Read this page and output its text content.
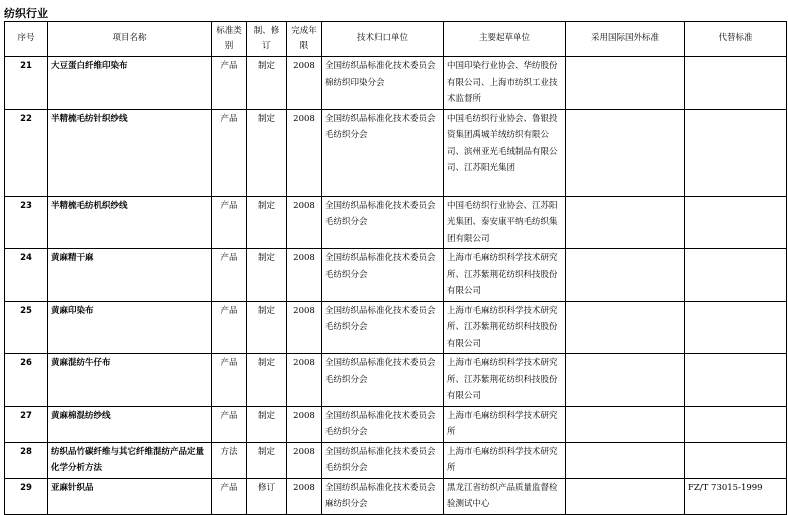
纺织行业
序号	项目名称	标准类别	制、修订	完成年限	技术归口单位	主要起草单位	采用国际国外标准	代替标准
21	大豆蛋白纤维印染布	产品	制定	2008	全国纺织品标准化技术委员会棉纺织印染分会	中国印染行业协会、华纺股份有限公司、上海市纺织工业技术监督所		
22	半精梳毛纺针织纱线	产品	制定	2008	全国纺织品标准化技术委员会毛纺织分会	中国毛纺织行业协会、鲁银投资集团禹城羊绒纺织有限公司、滨州亚光毛绒制品有限公司、江苏阳光集团		
23	半精梳毛纺机织纱线	产品	制定	2008	全国纺织品标准化技术委员会毛纺织分会	中国毛纺织行业协会、江苏阳光集团、泰安康平纳毛纺织集团有限公司		
24	黄麻精干麻	产品	制定	2008	全国纺织品标准化技术委员会毛纺织分会	上海市毛麻纺织科学技术研究所、江苏紫荆花纺织科技股份有限公司		
25	黄麻印染布	产品	制定	2008	全国纺织品标准化技术委员会毛纺织分会	上海市毛麻纺织科学技术研究所、江苏紫荆花纺织科技股份有限公司		
26	黄麻混纺牛仔布	产品	制定	2008	全国纺织品标准化技术委员会毛纺织分会	上海市毛麻纺织科学技术研究所、江苏紫荆花纺织科技股份有限公司		
27	黄麻棉混纺纱线	产品	制定	2008	全国纺织品标准化技术委员会毛纺织分会	上海市毛麻纺织科学技术研究所		
28	纺织品竹碳纤维与其它纤维混纺产品定量化学分析方法	方法	制定	2008	全国纺织品标准化技术委员会毛纺织分会	上海市毛麻纺织科学技术研究所		
29	亚麻针织品	产品	修订	2008	全国纺织品标准化技术委员会麻纺织分会	黑龙江省纺织产品质量监督检验测试中心		FZ/T 73015-1999
